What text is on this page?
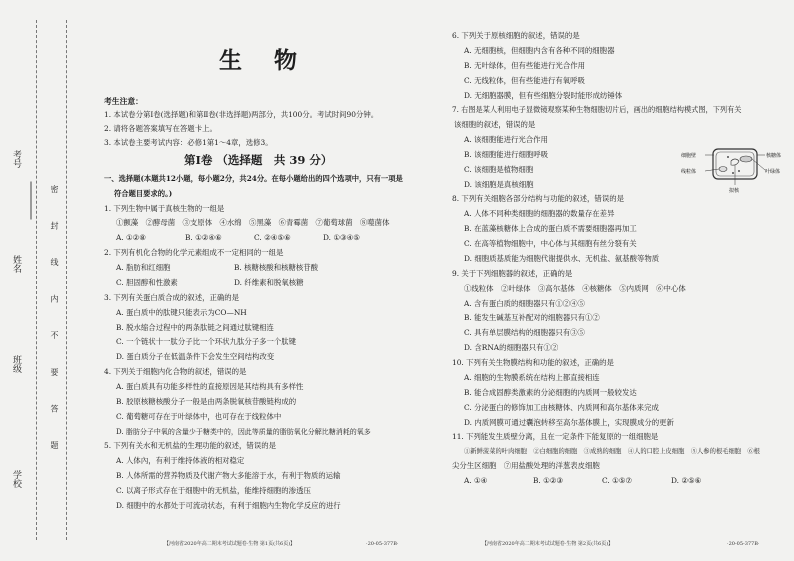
考号
姓名
班级
学校
密 封 线 内 不 要 答 题
生    物

考生注意：

1. 本试卷分第Ⅰ卷(选择题)和第Ⅱ卷(非选择题)两部分，共100分。考试时间90分钟。

2. 请将各题答案填写在答题卡上。

3. 本试卷主要考试内容：必修1第1～4章，选修3。

第Ⅰ卷 （选择题　共 39 分）

一、选择题(本题共12小题，每小题2分，共24分。在每小题给出的四个选项中，只有一项是

符合题目要求的。)

1. 下列生物中属于真核生物的一组是

①颤藻　②酵母菌　③支原体　④水绵　⑤黑藻　⑥青霉菌　⑦葡萄球菌　⑧噬菌体

A. ①②⑧	B. ①②④⑥	C. ②④⑤⑥	D. ①③④⑤

2. 下列有机化合物的化学元素组成不一定相同的一组是

A. 脂肪和红细胞	B. 核糖核酸和核糖核苷酸
C. 胆固醇和性激素	D. 纤维素和脱氧核糖

3. 下列有关蛋白质合成的叙述，正确的是

A. 蛋白质中的肽键只能表示为CO—NH

B. 脱水缩合过程中的两条肽链之间通过肽键相连

C. 一个链状十一肽分子比一个环状九肽分子多一个肽键

D. 蛋白质分子在低温条件下会发生空间结构改变

4. 下列关于细胞内化合物的叙述，错误的是

A. 蛋白质具有功能多样性的直接原因是其结构具有多样性

B. 胶原核糖核酸分子一般是由两条脱氧核苷酸链构成的

C. 葡萄糖可存在于叶绿体中，也可存在于线粒体中

D. 脂肪分子中氧的含量少于糖类中的，因此等质量的脂肪氧化分解比糖消耗的氧多

5. 下列有关水和无机盐的生理功能的叙述，错误的是

A. 人体內，有利于维持体液的相对稳定

B. 人体所需的营养物质及代谢产物大多能溶于水，有利于物质的运输

C. 以离子形式存在于细胞中的无机盐，能维持细胞的渗透压

D. 细胞中的水都处于可流动状态，有利于细胞内生物化学反应的进行

【河南省2020年高二期末考试试题卷·生物 第1页(共6页)】	·20-05-377B·

6. 下列关于原核细胞的叙述，错误的是

A. 无细胞核，但细胞内含有各种不同的细胞器

B. 无叶绿体，但有些能进行光合作用

C. 无线粒体，但有些能进行有氧呼吸

D. 无细胞器膜，但有些细胞分裂时能形成纺锤体

7. 右图是某人利用电子显微镜观察某种生物细胞切片后，画出的细胞结构模式图，下列有关

该细胞的叙述，错误的是

A. 该细胞能进行光合作用

B. 该细胞能进行细胞呼吸

C. 该细胞是植物细胞

D. 该细胞是真核细胞

8. 下列有关细胞各部分结构与功能的叙述，错误的是

A. 人体不同种类细胞的细胞器的数量存在差异

B. 在蓝藻核糖体上合成的蛋白质不需要细胞器再加工

C. 在高等植物细胞中，中心体与其细胞有丝分裂有关

D. 细胞质基质能为细胞代谢提供水、无机盐、氨基酸等物质

9. 关于下列细胞器的叙述，正确的是

①线粒体　②叶绿体　③高尔基体　④核糖体　⑤内质网　⑥中心体

A. 含有蛋白质的细胞器只有①②④⑤

B. 能发生碱基互补配对的细胞器只有①②

C. 具有单层膜结构的细胞器只有③⑤

D. 含RNA的细胞器只有①②

10. 下列有关生物膜结构和功能的叙述，正确的是

A. 细胞的生物膜系统在结构上都直接相连

B. 能合成固醇类激素的分泌细胞的内质网一般较发达

C. 分泌蛋白的修饰加工由核糖体、内质网和高尔基体来完成

D. 内质网膜可通过囊泡转移至高尔基体膜上，实现膜成分的更新

11. 下列能发生质壁分离，且在一定条件下能复原的一组细胞是

①新鲜菠菜的叶肉细胞　②白细胞的细胞　③成熟的细胞　④人的口腔上皮细胞　⑤人参的根毛细胞　⑥根

尖分生区细胞　⑦用盐酸处理的洋葱表皮细胞

A. ①④	B. ①②③	C. ①⑤⑦	D. ②⑤⑥
细胞壁
线粒体
核糖体
拟核
叶绿体
【河南省2020年高二期末考试试题卷·生物 第2页(共6页)】	·20-05-377B·
